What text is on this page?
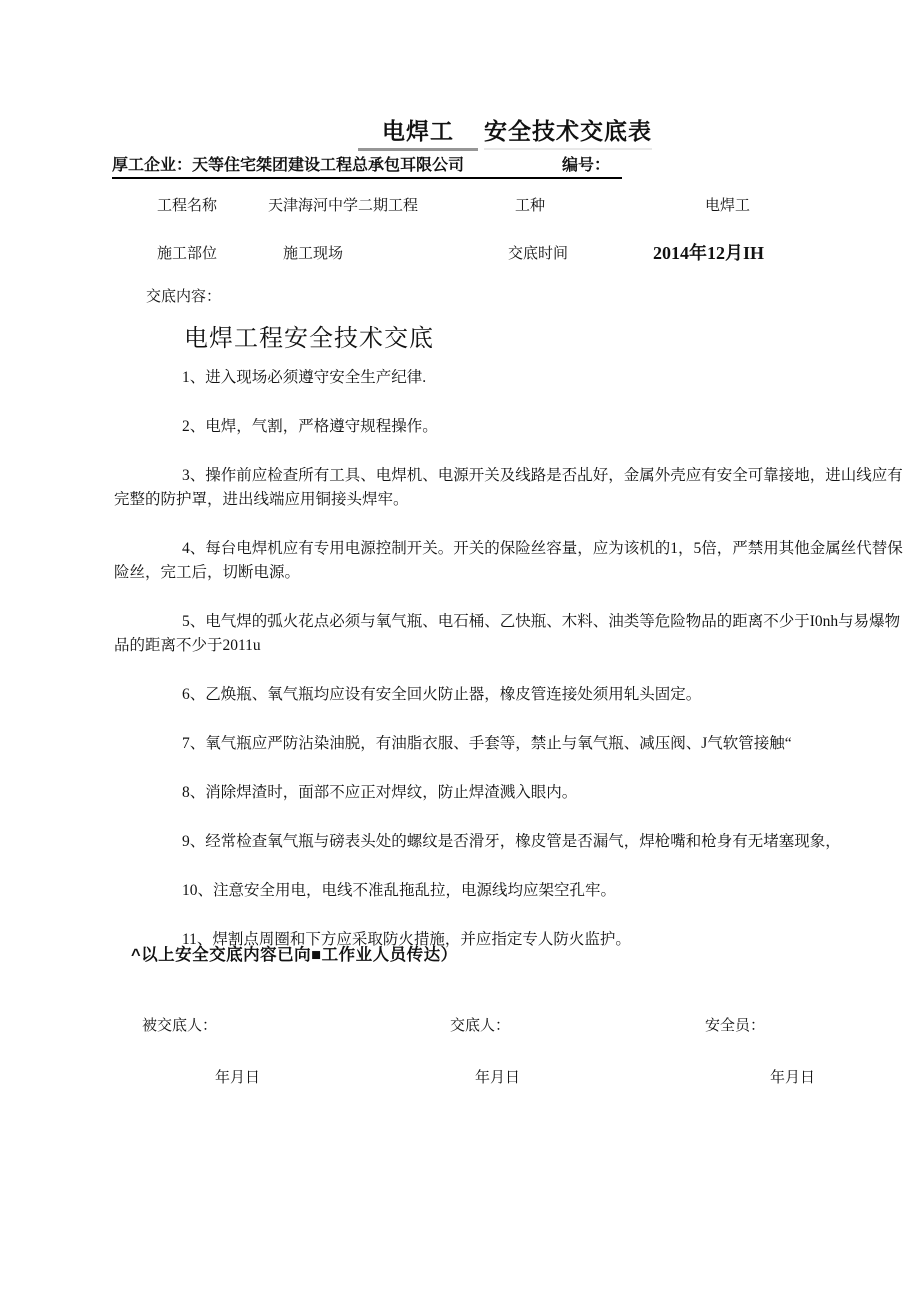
电焊工 安全技术交底表
厚工企业：天等住宅桀团建设工程总承包耳限公司	编号：
工程名称	天津海河中学二期工程	工种	电焊工
施工部位	施工现场	交底时间	2014年12月IH
交底内容：
电焊工程安全技术交底

1、进入现场必须遵守安全生产纪律.

2、电焊，气割，严格遵守规程操作。

3、操作前应检查所有工具、电焊机、电源开关及线路是否乩好，金属外壳应有安全可靠接地，进山线应有完整的防护罩，进出线端应用铜接头焊牢。

4、每台电焊机应有专用电源控制开关。开关的保险丝容量，应为该机的1，5倍，严禁用其他金属丝代替保险丝，完工后，切断电源。

5、电气焊的弧火花点必须与氧气瓶、电石桶、乙快瓶、木料、油类等危险物品的距离不少于I0nh与易爆物品的距离不少于2011u

6、乙焕瓶、氧气瓶均应设有安全回火防止器，橡皮管连接处须用轧头固定。

7、氧气瓶应严防沾染油脱，有油脂衣服、手套等，禁止与氧气瓶、减压阀、J气软管接触“

8、消除焊渣时，面部不应正对焊纹，防止焊渣溅入眼内。

9、经常检查氧气瓶与磅表头处的螺纹是否滑牙，橡皮管是否漏气，焊枪嘴和枪身有无堵塞现象，

10、注意安全用电，电线不准乱拖乱拉，电源线均应架空孔牢。

11、焊割点周圈和下方应采取防火措施，并应指定专人防火监护。

^以上安全交底内容已向■工作业人员传达）
被交底人：	交底人：	安全员：
年月日	年月日	年月日
